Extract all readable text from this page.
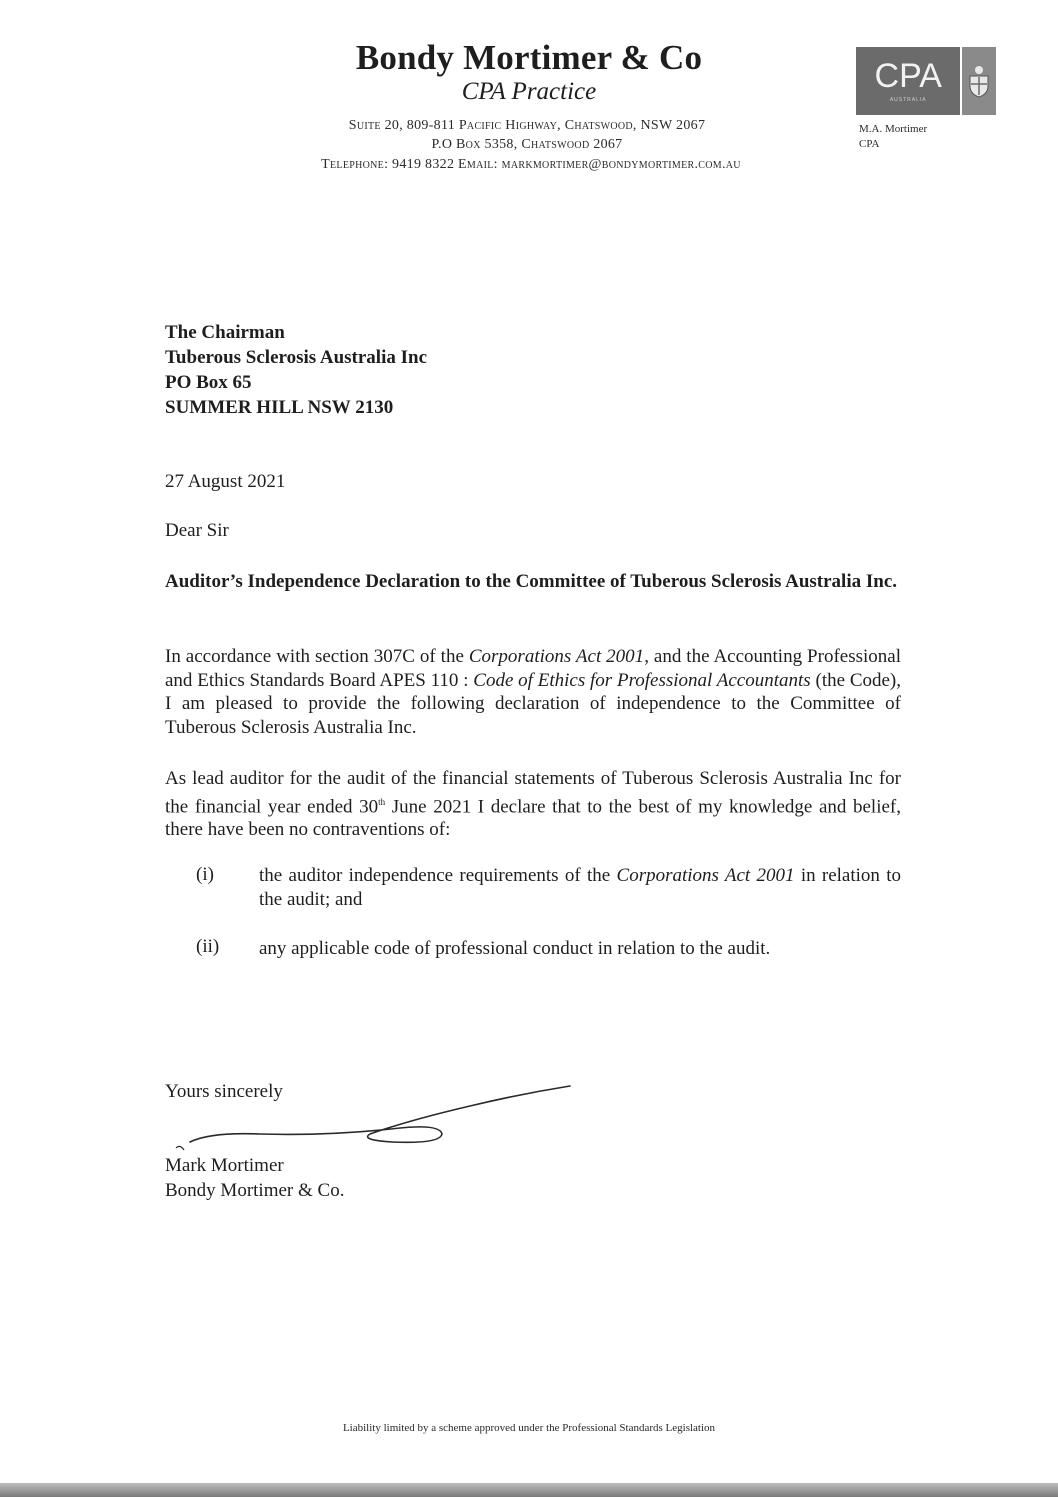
Bondy Mortimer & Co
CPA Practice
Suite 20, 809-811 Pacific Highway, Chatswood, NSW 2067
P.O Box 5358, Chatswood 2067
Telephone: 9419 8322 Email: markmortimer@bondymortimer.com.au
CPA
AUSTRALIA
M.A. Mortimer
CPA
The Chairman
Tuberous Sclerosis Australia Inc
PO Box 65
SUMMER HILL NSW 2130
27 August 2021
Dear Sir
Auditor’s Independence Declaration to the Committee of Tuberous Sclerosis Australia Inc.
In accordance with section 307C of the Corporations Act 2001, and the Accounting Professional and Ethics Standards Board APES 110 : Code of Ethics for Professional Accountants (the Code), I am pleased to provide the following declaration of independence to the Committee of Tuberous Sclerosis Australia Inc.
As lead auditor for the audit of the financial statements of Tuberous Sclerosis Australia Inc for the financial year ended 30th June 2021 I declare that to the best of my knowledge and belief, there have been no contraventions of:
(i) the auditor independence requirements of the Corporations Act 2001 in relation to the audit; and
(ii) any applicable code of professional conduct in relation to the audit.
Yours sincerely
Mark Mortimer
Bondy Mortimer & Co.
Liability limited by a scheme approved under the Professional Standards Legislation
